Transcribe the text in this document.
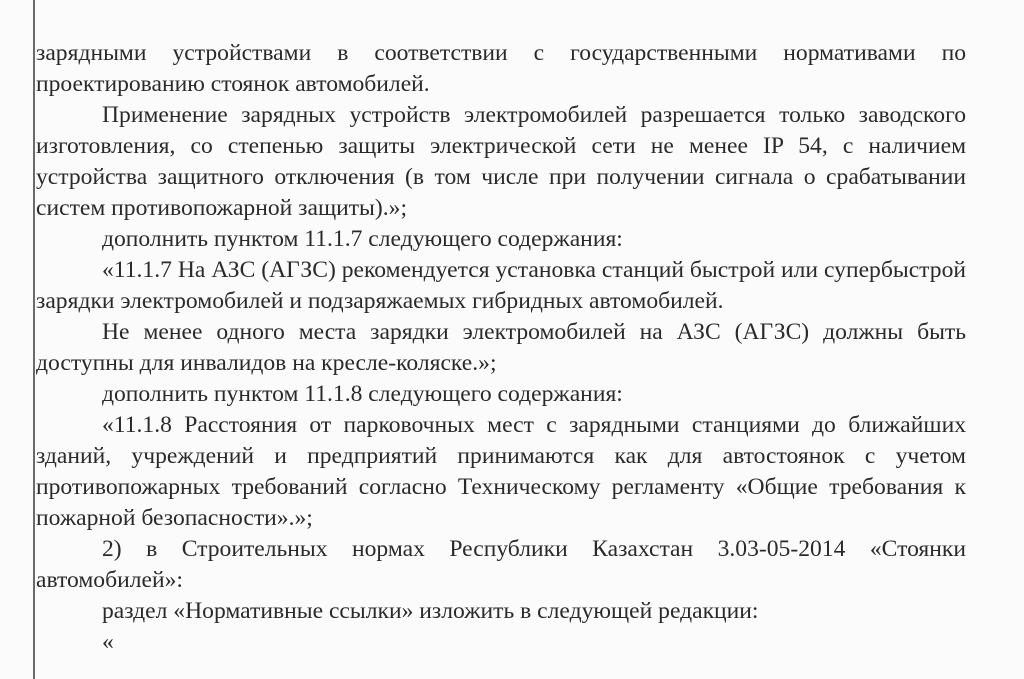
зарядными устройствами в соответствии с государственными нормативами по проектированию стоянок автомобилей.

Применение зарядных устройств электромобилей разрешается только заводского изготовления, со степенью защиты электрической сети не менее IP 54, с наличием устройства защитного отключения (в том числе при получении сигнала о срабатывании систем противопожарной защиты).»;

дополнить пунктом 11.1.7 следующего содержания:

«11.1.7 На АЗС (АГЗС) рекомендуется установка станций быстрой или супербыстрой зарядки электромобилей и подзаряжаемых гибридных автомобилей.

Не менее одного места зарядки электромобилей на АЗС (АГЗС) должны быть доступны для инвалидов на кресле-коляске.»;

дополнить пунктом 11.1.8 следующего содержания:

«11.1.8 Расстояния от парковочных мест с зарядными станциями до ближайших зданий, учреждений и предприятий принимаются как для автостоянок с учетом противопожарных требований согласно Техническому регламенту «Общие требования к пожарной безопасности».»;

2) в Строительных нормах Республики Казахстан 3.03-05-2014 «Стоянки автомобилей»:

раздел «Нормативные ссылки» изложить в следующей редакции:

«
